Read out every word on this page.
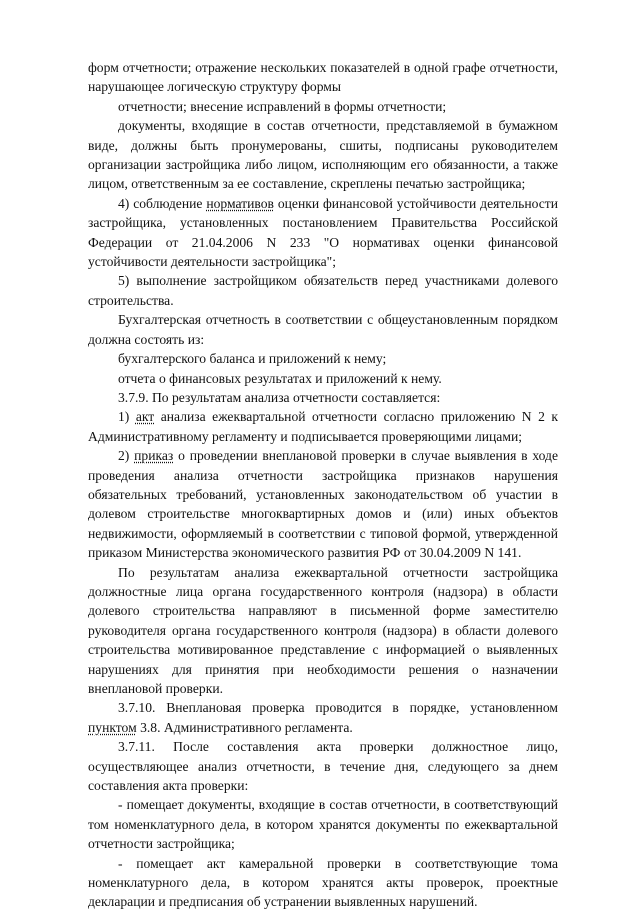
форм отчетности; отражение нескольких показателей в одной графе отчетности, нарушающее логическую структуру формы

отчетности; внесение исправлений в формы отчетности;

документы, входящие в состав отчетности, представляемой в бумажном виде, должны быть пронумерованы, сшиты, подписаны руководителем организации застройщика либо лицом, исполняющим его обязанности, а также лицом, ответственным за ее составление, скреплены печатью застройщика;

4) соблюдение нормативов оценки финансовой устойчивости деятельности застройщика, установленных постановлением Правительства Российской Федерации от 21.04.2006 N 233 "О нормативах оценки финансовой устойчивости деятельности застройщика";

5) выполнение застройщиком обязательств перед участниками долевого строительства.

Бухгалтерская отчетность в соответствии с общеустановленным порядком должна состоять из:

бухгалтерского баланса и приложений к нему;

отчета о финансовых результатах и приложений к нему.

3.7.9. По результатам анализа отчетности составляется:

1) акт анализа ежеквартальной отчетности согласно приложению N 2 к Административному регламенту и подписывается проверяющими лицами;

2) приказ о проведении внеплановой проверки в случае выявления в ходе проведения анализа отчетности застройщика признаков нарушения обязательных требований, установленных законодательством об участии в долевом строительстве многоквартирных домов и (или) иных объектов недвижимости, оформляемый в соответствии с типовой формой, утвержденной приказом Министерства экономического развития РФ от 30.04.2009 N 141.

По результатам анализа ежеквартальной отчетности застройщика должностные лица органа государственного контроля (надзора) в области долевого строительства направляют в письменной форме заместителю руководителя органа государственного контроля (надзора) в области долевого строительства мотивированное представление с информацией о выявленных нарушениях для принятия при необходимости решения о назначении внеплановой проверки.

3.7.10. Внеплановая проверка проводится в порядке, установленном пунктом 3.8. Административного регламента.

3.7.11. После составления акта проверки должностное лицо, осуществляющее анализ отчетности, в течение дня, следующего за днем составления акта проверки:

- помещает документы, входящие в состав отчетности, в соответствующий том номенклатурного дела, в котором хранятся документы по ежеквартальной отчетности застройщика;

- помещает акт камеральной проверки в соответствующие тома номенклатурного дела, в котором хранятся акты проверок, проектные декларации и предписания об устранении выявленных нарушений.
